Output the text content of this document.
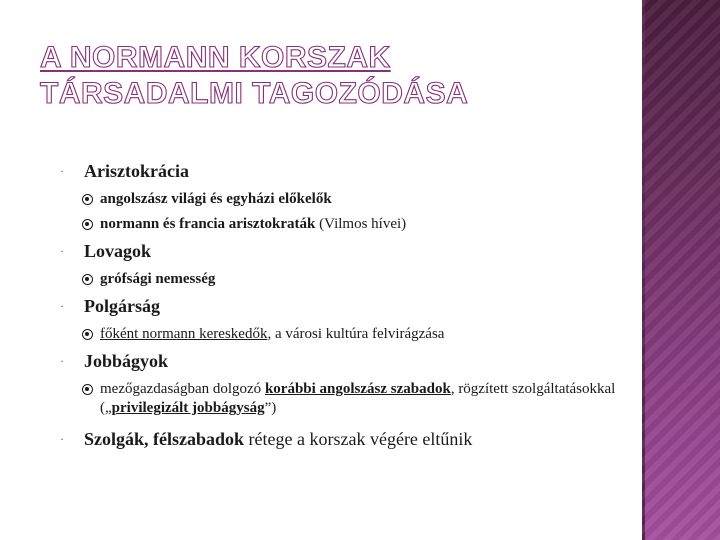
A NORMANN KORSZAK
TÁRSADALMI TAGOZÓDÁSA
· Arisztokrácia
angolszász világi és egyházi előkelők
normann és francia arisztokraták (Vilmos hívei)
· Lovagok
grófsági nemesség
· Polgárság
főként normann kereskedők, a városi kultúra felvirágzása
· Jobbágyok
mezőgazdaságban dolgozó korábbi angolszász szabadok, rögzített szolgáltatásokkal („privilegizált jobbágyság”)
· Szolgák, félszabadok rétege a korszak végére eltűnik
